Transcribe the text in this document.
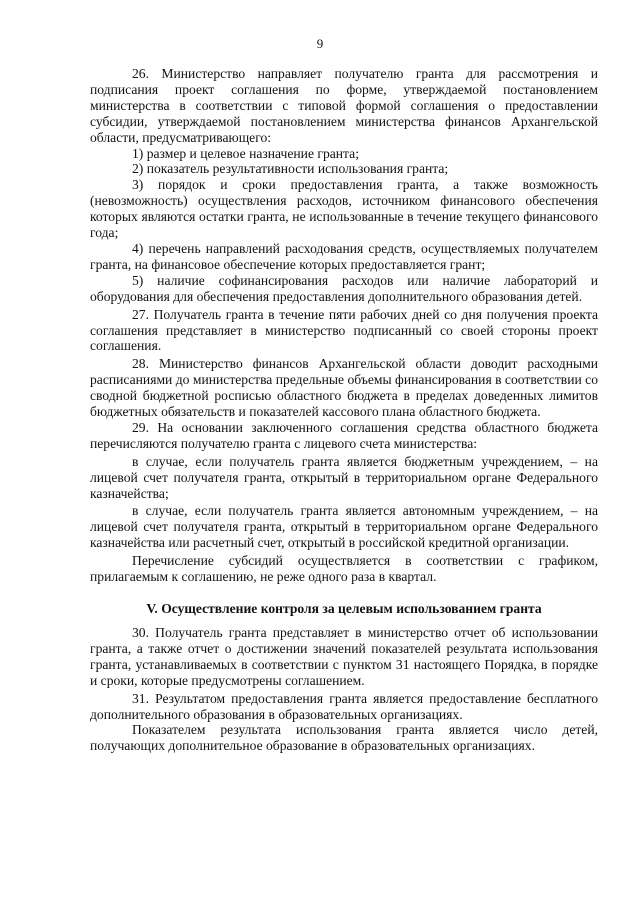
9

26. Министерство направляет получателю гранта для рассмотрения и подписания проект соглашения по форме, утверждаемой постановлением министерства в соответствии с типовой формой соглашения о предоставлении субсидии, утверждаемой постановлением министерства финансов Архангельской области, предусматривающего:

1) размер и целевое назначение гранта;

2) показатель результативности использования гранта;

3) порядок и сроки предоставления гранта, а также возможность (невозможность) осуществления расходов, источником финансового обеспечения которых являются остатки гранта, не использованные в течение текущего финансового года;

4) перечень направлений расходования средств, осуществляемых получателем гранта, на финансовое обеспечение которых предоставляется грант;

5) наличие софинансирования расходов или наличие лабораторий и оборудования для обеспечения предоставления дополнительного образования детей.

27. Получатель гранта в течение пяти рабочих дней со дня получения проекта соглашения представляет в министерство подписанный со своей стороны проект соглашения.

28. Министерство финансов Архангельской области доводит расходными расписаниями до министерства предельные объемы финансирования в соответствии со сводной бюджетной росписью областного бюджета в пределах доведенных лимитов бюджетных обязательств и показателей кассового плана областного бюджета.

29. На основании заключенного соглашения средства областного бюджета перечисляются получателю гранта с лицевого счета министерства:

в случае, если получатель гранта является бюджетным учреждением, – на лицевой счет получателя гранта, открытый в территориальном органе Федерального казначейства;

в случае, если получатель гранта является автономным учреждением, – на лицевой счет получателя гранта, открытый в территориальном органе Федерального казначейства или расчетный счет, открытый в российской кредитной организации.

Перечисление субсидий осуществляется в соответствии с графиком, прилагаемым к соглашению, не реже одного раза в квартал.

V. Осуществление контроля за целевым использованием гранта

30. Получатель гранта представляет в министерство отчет об использовании гранта, а также отчет о достижении значений показателей результата использования гранта, устанавливаемых в соответствии с пунктом 31 настоящего Порядка, в порядке и сроки, которые предусмотрены соглашением.

31. Результатом предоставления гранта является предоставление бесплатного дополнительного образования в образовательных организациях.

Показателем результата использования гранта является число детей, получающих дополнительное образование в образовательных организациях.
